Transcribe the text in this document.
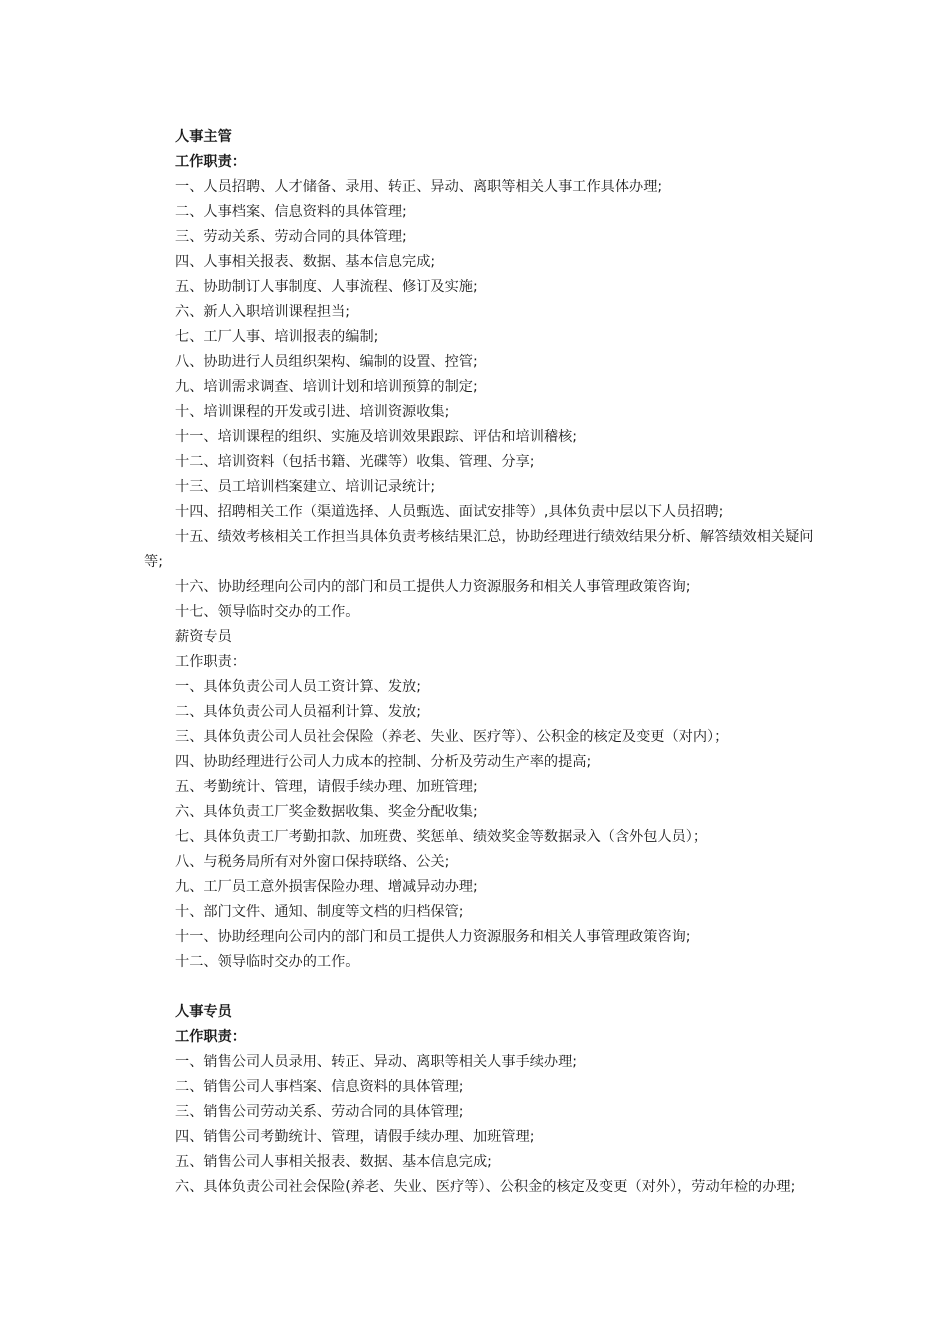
人事主管
工作职责：
一、人员招聘、人才储备、录用、转正、异动、离职等相关人事工作具体办理;
二、人事档案、信息资料的具体管理;
三、劳动关系、劳动合同的具体管理;
四、人事相关报表、数据、基本信息完成;
五、协助制订人事制度、人事流程、修订及实施;
六、新人入职培训课程担当;
七、工厂人事、培训报表的编制;
八、协助进行人员组织架构、编制的设置、控管;
九、培训需求调查、培训计划和培训预算的制定;
十、培训课程的开发或引进、培训资源收集;
十一、培训课程的组织、实施及培训效果跟踪、评估和培训稽核;
十二、培训资料（包括书籍、光碟等）收集、管理、分享;
十三、员工培训档案建立、培训记录统计;
十四、招聘相关工作（渠道选择、人员甄选、面试安排等）,具体负责中层以下人员招聘;
十五、绩效考核相关工作担当具体负责考核结果汇总，协助经理进行绩效结果分析、解答绩效相关疑问等;
十六、协助经理向公司内的部门和员工提供人力资源服务和相关人事管理政策咨询;
十七、领导临时交办的工作。
薪资专员
工作职责：
一、具体负责公司人员工资计算、发放;
二、具体负责公司人员福利计算、发放;
三、具体负责公司人员社会保险（养老、失业、医疗等）、公积金的核定及变更（对内）；
四、协助经理进行公司人力成本的控制、分析及劳动生产率的提高;
五、考勤统计、管理，请假手续办理、加班管理;
六、具体负责工厂奖金数据收集、奖金分配收集;
七、具体负责工厂考勤扣款、加班费、奖惩单、绩效奖金等数据录入（含外包人员）；
八、与税务局所有对外窗口保持联络、公关;
九、工厂员工意外损害保险办理、增减异动办理;
十、部门文件、通知、制度等文档的归档保管;
十一、协助经理向公司内的部门和员工提供人力资源服务和相关人事管理政策咨询;
十二、领导临时交办的工作。
人事专员
工作职责：
一、销售公司人员录用、转正、异动、离职等相关人事手续办理;
二、销售公司人事档案、信息资料的具体管理;
三、销售公司劳动关系、劳动合同的具体管理;
四、销售公司考勤统计、管理，请假手续办理、加班管理;
五、销售公司人事相关报表、数据、基本信息完成;
六、具体负责公司社会保险(养老、失业、医疗等）、公积金的核定及变更（对外），劳动年检的办理;
